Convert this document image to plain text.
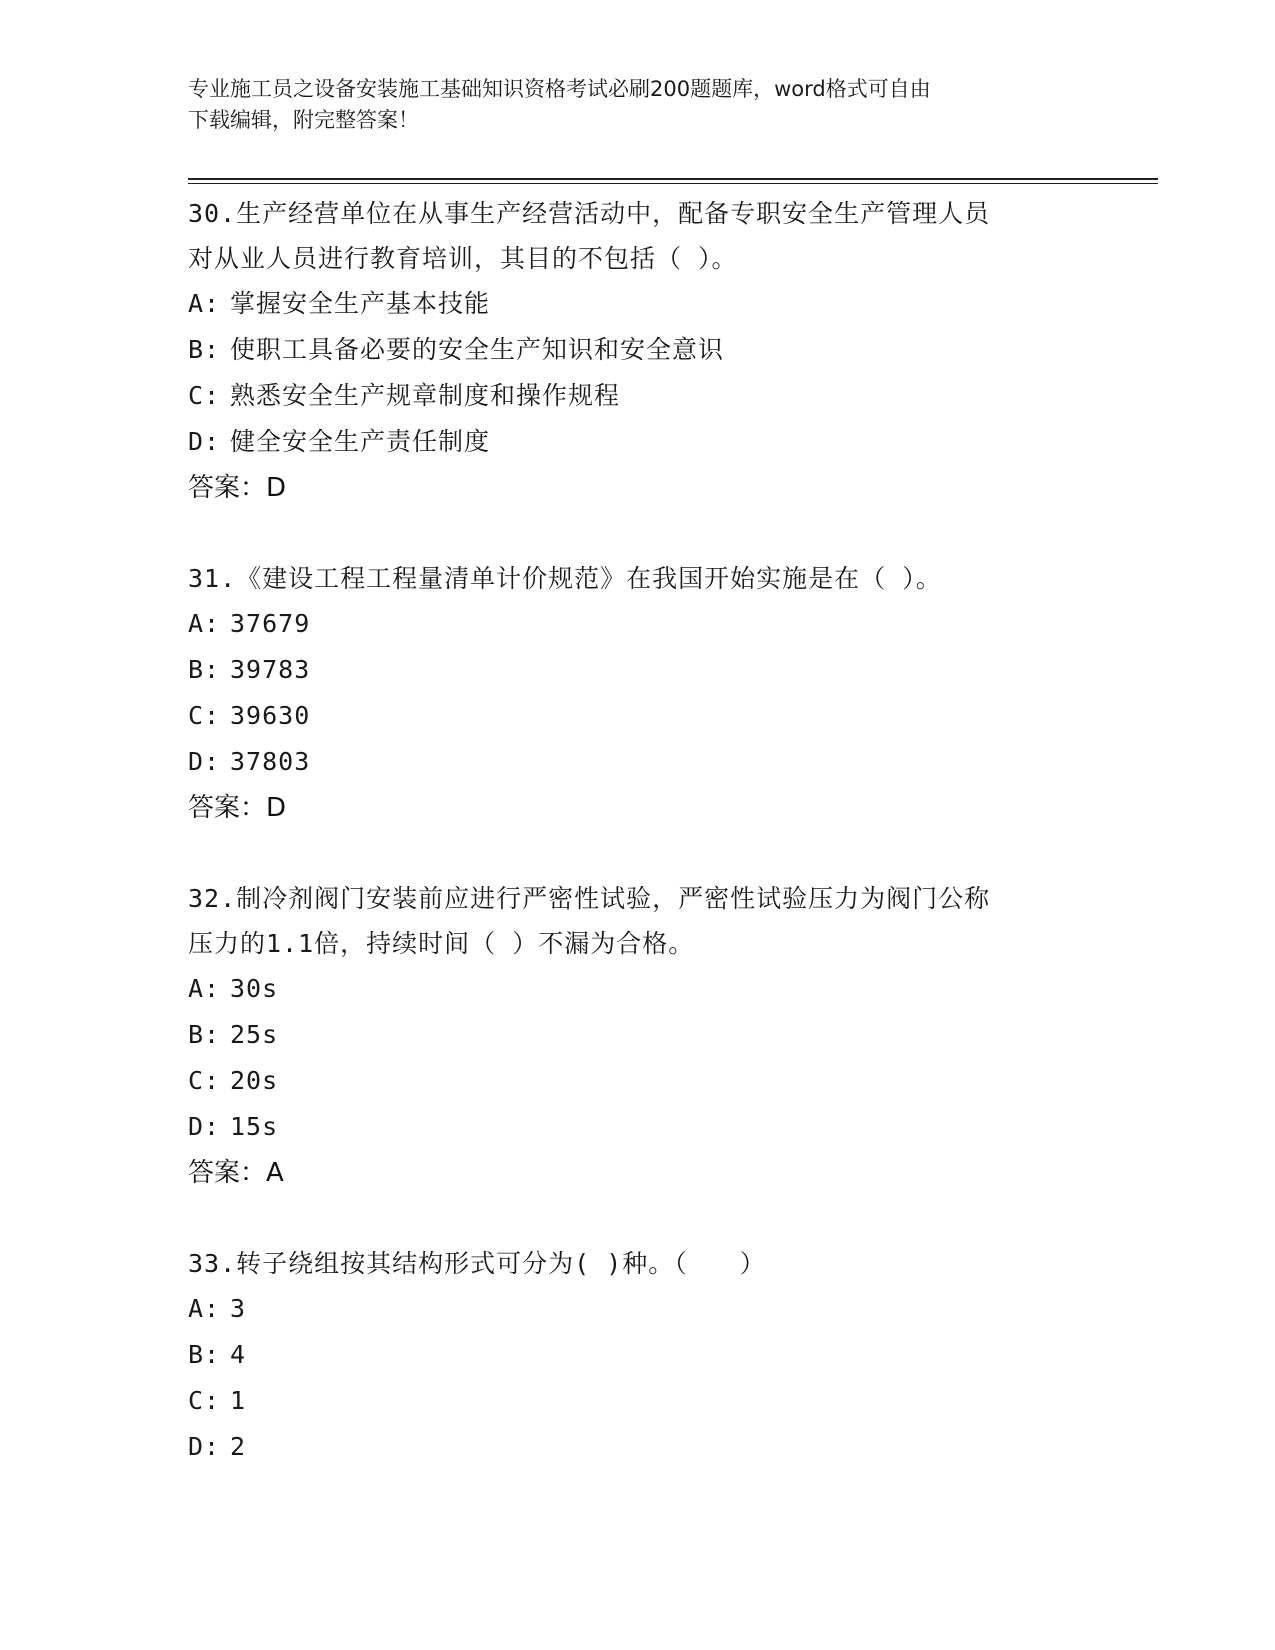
专业施工员之设备安装施工基础知识资格考试必刷200题题库，word格式可自由
下载编辑，附完整答案！
30.生产经营单位在从事生产经营活动中，配备专职安全生产管理人员
对从业人员进行教育培训，其目的不包括（ ）。
A: 掌握安全生产基本技能
B: 使职工具备必要的安全生产知识和安全意识
C: 熟悉安全生产规章制度和操作规程
D: 健全安全生产责任制度
答案：D
31.《建设工程工程量清单计价规范》在我国开始实施是在（ ）。
A: 37679
B: 39783
C: 39630
D: 37803
答案：D
32.制冷剂阀门安装前应进行严密性试验，严密性试验压力为阀门公称
压力的1.1倍，持续时间（ ）不漏为合格。
A: 30s
B: 25s
C: 20s
D: 15s
答案：A
33.转子绕组按其结构形式可分为( )种。（　　）
A: 3
B: 4
C: 1
D: 2
